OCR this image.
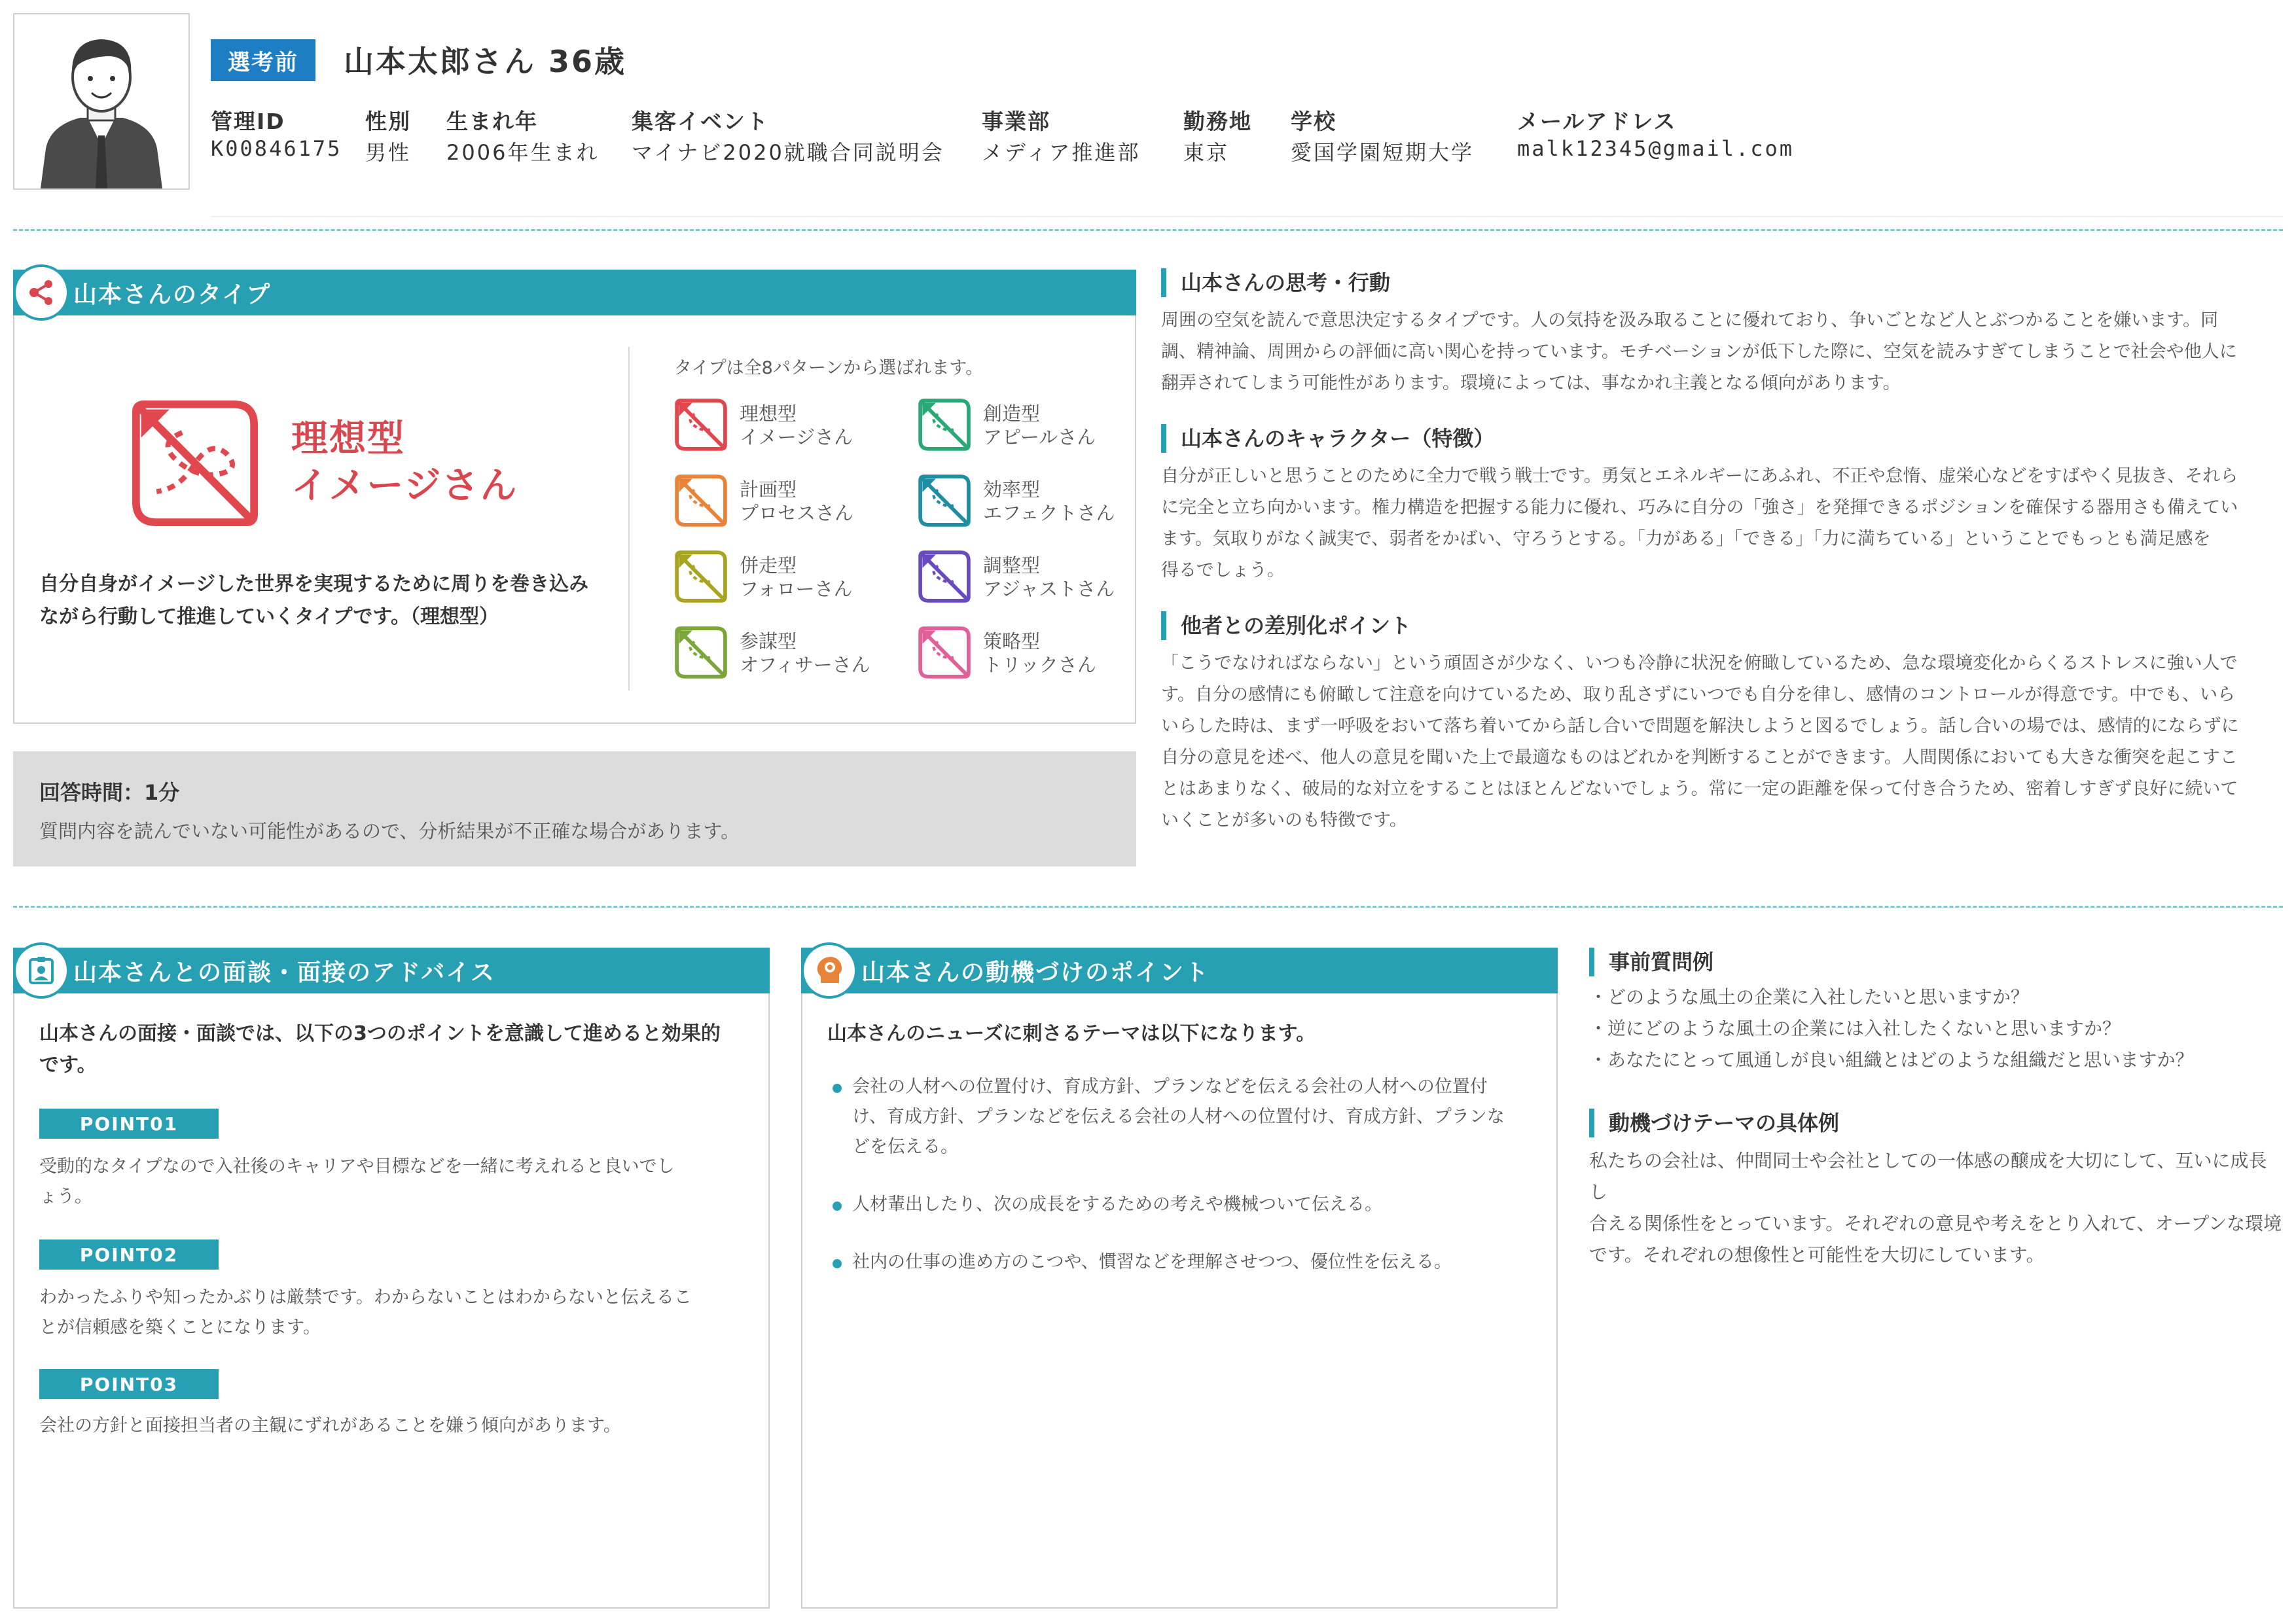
選考前	山本太郎さん 36歳
管理ID
K00846175
性別
男性
生まれ年
2006年生まれ
集客イベント
マイナビ2020就職合同説明会
事業部
メディア推進部
勤務地
東京
学校
愛国学園短期大学
メールアドレス
malk12345@gmail.com
山本さんのタイプ
理想型
イメージさん
自分自身がイメージした世界を実現するために周りを巻き込みながら行動して推進していくタイプです。（理想型）
タイプは全8パターンから選ばれます。
理想型
イメージさん
創造型
アピールさん
計画型
プロセスさん
効率型
エフェクトさん
併走型
フォローさん
調整型
アジャストさん
参謀型
オフィサーさん
策略型
トリックさん
回答時間：1分
質問内容を読んでいない可能性があるので、分析結果が不正確な場合があります。
山本さんの思考・行動
周囲の空気を読んで意思決定するタイプです。人の気持を汲み取ることに優れており、争いごとなど人とぶつかることを嫌います。同
調、精神論、周囲からの評価に高い関心を持っています。モチベーションが低下した際に、空気を読みすぎてしまうことで社会や他人に
翻弄されてしまう可能性があります。環境によっては、事なかれ主義となる傾向があります。
山本さんのキャラクター（特徴）
自分が正しいと思うことのために全力で戦う戦士です。勇気とエネルギーにあふれ、不正や怠惰、虚栄心などをすばやく見抜き、それら
に完全と立ち向かいます。権力構造を把握する能力に優れ、巧みに自分の「強さ」を発揮できるポジションを確保する器用さも備えてい
ます。気取りがなく誠実で、弱者をかばい、守ろうとする。「力がある」「できる」「力に満ちている」ということでもっとも満足感を
得るでしょう。
他者との差別化ポイント
「こうでなければならない」という頑固さが少なく、いつも冷静に状況を俯瞰しているため、急な環境変化からくるストレスに強い人で
す。自分の感情にも俯瞰して注意を向けているため、取り乱さずにいつでも自分を律し、感情のコントロールが得意です。中でも、いら
いらした時は、まず一呼吸をおいて落ち着いてから話し合いで問題を解決しようと図るでしょう。話し合いの場では、感情的にならずに
自分の意見を述べ、他人の意見を聞いた上で最適なものはどれかを判断することができます。人間関係においても大きな衝突を起こすこ
とはあまりなく、破局的な対立をすることはほとんどないでしょう。常に一定の距離を保って付き合うため、密着しすぎず良好に続いて
いくことが多いのも特徴です。
山本さんとの面談・面接のアドバイス
山本さんの面接・面談では、以下の3つのポイントを意識して進めると効果的
です。
POINT01
受動的なタイプなので入社後のキャリアや目標などを一緒に考えれると良いでし
ょう。
POINT02
わかったふりや知ったかぶりは厳禁です。わからないことはわからないと伝えるこ
とが信頼感を築くことになります。
POINT03
会社の方針と面接担当者の主観にずれがあることを嫌う傾向があります。
山本さんの動機づけのポイント
山本さんのニューズに刺さるテーマは以下になります。
会社の人材への位置付け、育成方針、プランなどを伝える会社の人材への位置付
け、育成方針、プランなどを伝える会社の人材への位置付け、育成方針、プランな
どを伝える。
人材輩出したり、次の成長をするための考えや機械ついて伝える。
社内の仕事の進め方のこつや、慣習などを理解させつつ、優位性を伝える。
事前質問例
・どのような風土の企業に入社したいと思いますか？
・逆にどのような風土の企業には入社したくないと思いますか？
・あなたにとって風通しが良い組織とはどのような組織だと思いますか？
動機づけテーマの具体例
私たちの会社は、仲間同士や会社としての一体感の醸成を大切にして、互いに成長し
合える関係性をとっています。それぞれの意見や考えをとり入れて、オープンな環境
です。それぞれの想像性と可能性を大切にしています。
